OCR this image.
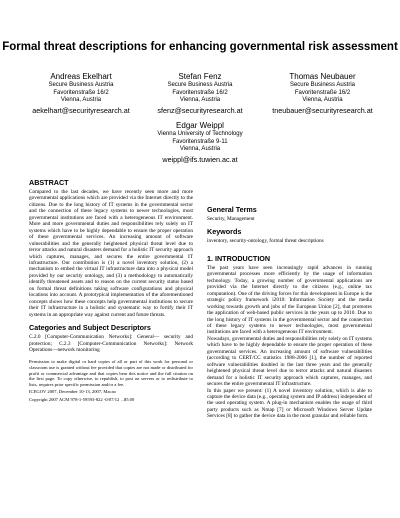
Formal threat descriptions for enhancing governmental risk assessment
Andreas Ekelhart
Secure Business Austria
Favoritenstraße 16/2
Vienna, Austria
aekelhart@securityresearch.at
Stefan Fenz
Secure Business Austria
Favoritenstraße 16/2
Vienna, Austria
sfenz@securityresearch.at
Thomas Neubauer
Secure Business Austria
Favoritenstraße 16/2
Vienna, Austria
tneubauer@securityresearch.at
Edgar Weippl
Vienna University of Technology
Favoritenstraße 9-11
Vienna, Austria
weippl@ifs.tuwien.ac.at
ABSTRACT
Compared to the last decades, we have recently seen more and more governmental applications which are provided via the Internet directly to the citizens. Due to the long history of IT systems in the governmental sector and the connection of these legacy systems to newer technologies, most governmental institutions are faced with a heterogeneous IT environment. More and more governmental duties and responsibilities rely solely on IT systems which have to be highly dependable to ensure the proper operation of these governmental services. An increasing amount of software vulnerabilities and the generally heightened physical threat level due to terror attacks and natural disasters demand for a holistic IT security approach which captures, manages, and secures the entire governmental IT infrastructure. Our contribution is (1) a novel inventory solution, (2) a mechanism to embed the virtual IT infrastructure data into a physical model provided by our security ontology, and (3) a methodology to automatically identify threatened assets and to reason on the current security status based on formal threat definitions taking software configurations and physical locations into account. A prototypical implementation of the aforementioned concepts shows how these concepts help governmental institutions to secure their IT infrastructure in a holistic and systematic way to fortify their IT systems in an appropriate way against current and future threats.
Categories and Subject Descriptors
C.2.0 [Computer-Communication Networks]: General— security and protection; C.2.3 [Computer-Communication Networks]: Network Operations—network monitoring
Permission to make digital or hard copies of all or part of this work for personal or classroom use is granted without fee provided that copies are not made or distributed for profit or commercial advantage and that copies bear this notice and the full citation on the first page. To copy otherwise, to republish, to post on servers or to redistribute to lists, requires prior specific permission and/or a fee.
ICEGOV 2007, December 10-13, 2007, Macao
Copyright 2007 ACM 978-1-59593-822 -0/07/12 ...$5.00
General Terms
Security, Management
Keywords
inventory, security-ontology, formal threat descriptions
1. INTRODUCTION
The past years have seen increasingly rapid advances in running governmental processes more efficiently by the usage of information technology. Today, a growing number of governmental applications are provided via the Internet directly to the citizens (e.g., online tax computation). One of the driving forces for this development in Europe is the strategic policy framework i2010: Information Society and the media working towards growth and jobs of the European Union [2], that promotes the application of web-based public services in the years up to 2010. Due to the long history of IT systems in the governmental sector and the connection of these legacy systems to newer technologies, most governmental institutions are faced with a heterogeneous IT environment.
Nowadays, governmental duties and responsibilities rely solely on IT systems which have to be highly dependable to ensure the proper operation of these governmental services. An increasing amount of software vulnerabilities (according to CERT/CC statistics 1988-2006 [1], the number of reported software vulnerabilities doubled in the last three years and the generally heightened physical threat level due to terror attacks and natural disasters demand for a holistic IT security approach which captures, manages, and secures the entire governmental IT infrastructure.
In this paper we present: (1) A novel inventory solution, which is able to capture the device data (e.g., operating system and IP address) independent of the used operating system. A plug-in mechanism enables the usage of third party products such as Nmap [7] or Microsoft Windows Server Update Services [8] to gather the device data in the most granular and reliable form.
